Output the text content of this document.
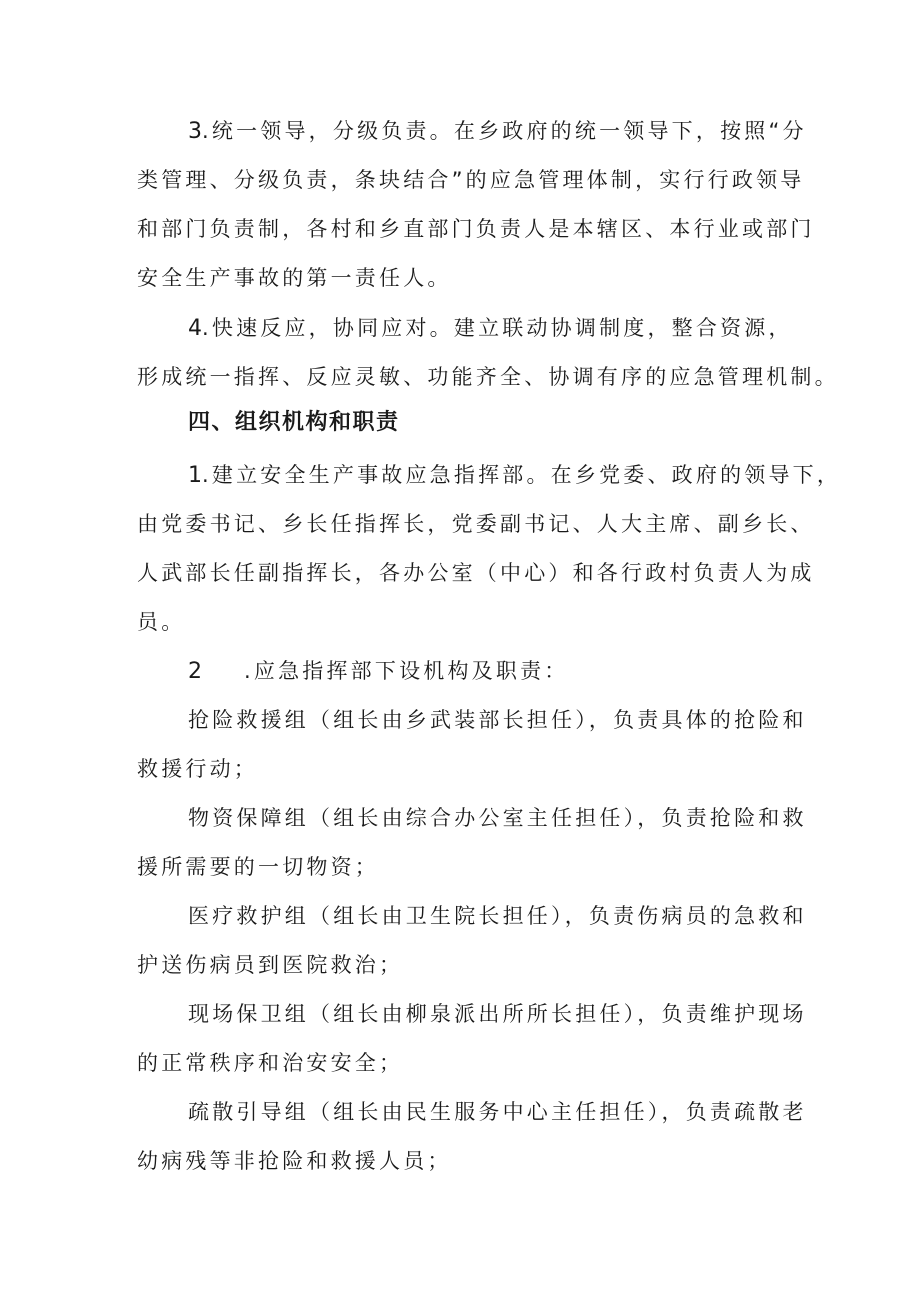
3.统一领导，分级负责。在乡政府的统一领导下，按照“分
类管理、分级负责，条块结合”的应急管理体制，实行行政领导
和部门负责制，各村和乡直部门负责人是本辖区、本行业或部门
安全生产事故的第一责任人。
4.快速反应，协同应对。建立联动协调制度，整合资源，
形成统一指挥、反应灵敏、功能齐全、协调有序的应急管理机制。
四、组织机构和职责
1.建立安全生产事故应急指挥部。在乡党委、政府的领导下，
由党委书记、乡长任指挥长，党委副书记、人大主席、副乡长、
人武部长任副指挥长，各办公室（中心）和各行政村负责人为成
员。
2 .应急指挥部下设机构及职责：
抢险救援组（组长由乡武装部长担任），负责具体的抢险和
救援行动；
物资保障组（组长由综合办公室主任担任），负责抢险和救
援所需要的一切物资；
医疗救护组（组长由卫生院长担任），负责伤病员的急救和
护送伤病员到医院救治；
现场保卫组（组长由柳泉派出所所长担任），负责维护现场
的正常秩序和治安安全；
疏散引导组（组长由民生服务中心主任担任），负责疏散老
幼病残等非抢险和救援人员；
